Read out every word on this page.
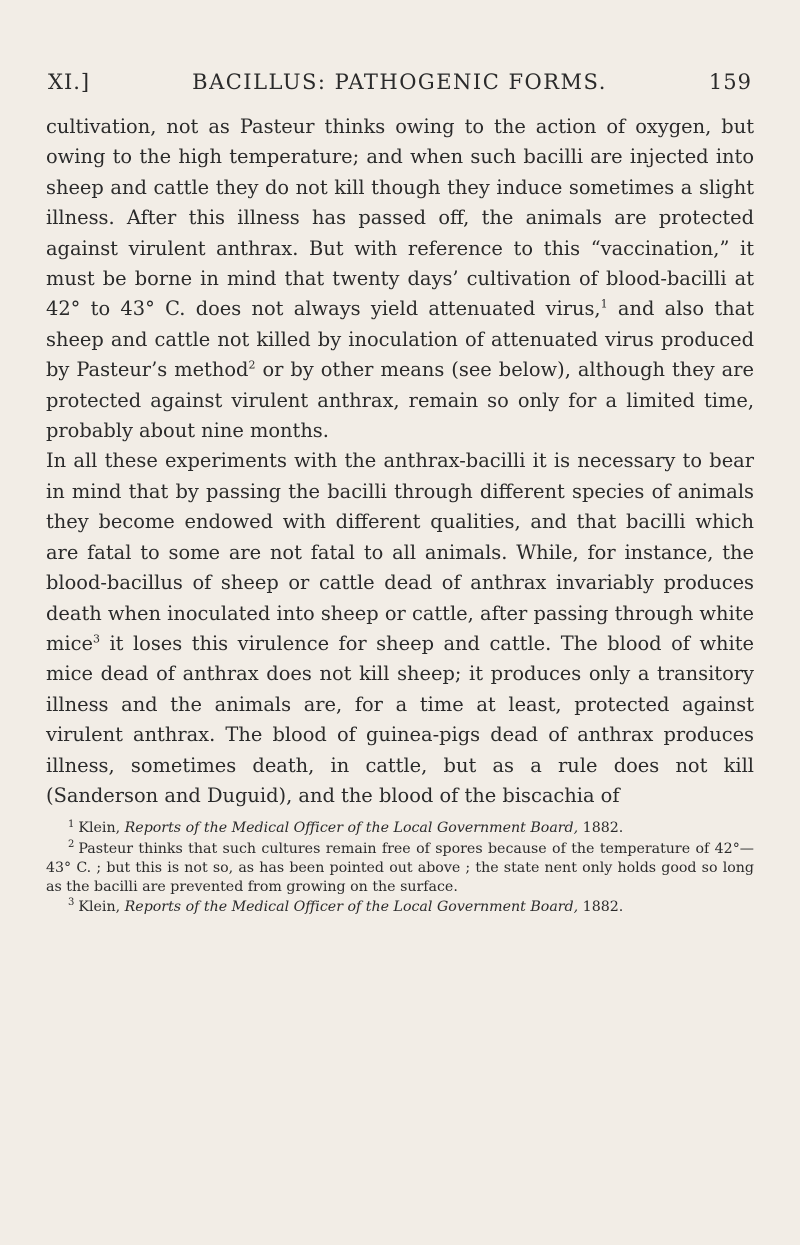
XI.]	BACILLUS: PATHOGENIC FORMS.	159

cultivation, not as Pasteur thinks owing to the action of oxygen, but owing to the high temperature; and when such bacilli are injected into sheep and cattle they do not kill though they induce sometimes a slight illness. After this illness has passed off, the animals are protected against virulent anthrax. But with reference to this “vaccination,” it must be borne in mind that twenty days’ cultivation of blood-bacilli at 42° to 43° C. does not always yield attenuated virus,$^1$ and also that sheep and cattle not killed by inoculation of attenuated virus produced by Pasteur’s method$^2$ or by other means (see below), although they are protected against virulent anthrax, remain so only for a limited time, probably about nine months.

In all these experiments with the anthrax-bacilli it is necessary to bear in mind that by passing the bacilli through different species of animals they become endowed with different qualities, and that bacilli which are fatal to some are not fatal to all animals. While, for instance, the blood-bacillus of sheep or cattle dead of anthrax invariably produces death when inoculated into sheep or cattle, after passing through white mice$^3$ it loses this virulence for sheep and cattle. The blood of white mice dead of anthrax does not kill sheep; it produces only a transitory illness and the animals are, for a time at least, protected against virulent anthrax. The blood of guinea-pigs dead of anthrax produces illness, sometimes death, in cattle, but as a rule does not kill (Sanderson and Duguid), and the blood of the biscachia of

$^1$ Klein, Reports of the Medical Officer of the Local Government Board, 1882.

$^2$ Pasteur thinks that such cultures remain free of spores because of the temperature of 42°—43° C. ; but this is not so, as has been pointed out above ; the state nent only holds good so long as the bacilli are prevented from growing on the surface.

$^3$ Klein, Reports of the Medical Officer of the Local Government Board, 1882.
